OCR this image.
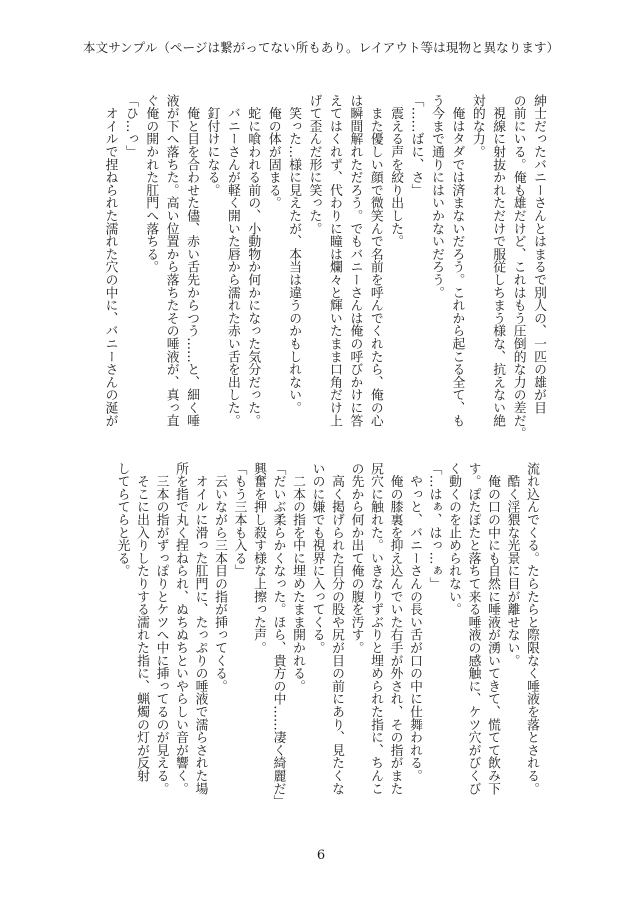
本文サンプル（ページは繋がってない所もあり。レイアウト等は現物と異なります）
紳士だったバニーさんとはまるで別人の、一匹の雄が目
の前にいる。俺も雄だけど、これはもう圧倒的な力の差だ。
　視線に射抜かれただけで服従しちまう様な、抗えない絶
対的な力。
　俺はタダでは済まないだろう。これから起こる全て、も
う今まで通りにはいかないだろう。
「……ばに、さ」
　震える声を絞り出した。
　また優しい顔で微笑んで名前を呼んでくれたら、俺の心
は瞬間解れただろう。でもバニーさんは俺の呼びかけに答
えてはくれず、代わりに瞳は爛々と輝いたまま口角だけ上
げて歪んだ形に笑った。
　笑った…様に見えたが、本当は違うのかもしれない。
　俺の体が固まる。
　蛇に喰われる前の、小動物か何かになった気分だった。
　バニーさんが軽く開いた唇から濡れた赤い舌を出した。
　釘付けになる。
　俺と目を合わせた儘、赤い舌先からつう……と、細く唾
液が下へ落ちた。高い位置から落ちたその唾液が、真っ直
ぐ俺の開かれた肛門へ落ちる。
「ひ…っ」
　オイルで捏ねられた濡れた穴の中に、バニーさんの涎が
流れ込んでくる。たらたらと際限なく唾液を落とされる。
　酷く淫猥な光景に目が離せない。
　俺の口の中にも自然に唾液が湧いてきて、慌てて飲み下
す。ぽたぽたと落ちて来る唾液の感触に、ケツ穴がびくび
く動くのを止められない。
「…はぁ、はっ…ぁ」
　やっと、バニーさんの長い舌が口の中に仕舞われる。
　俺の膝裏を抑え込んでいた右手が外され、その指がまた
尻穴に触れた。いきなりずぶりと埋められた指に、ちんこ
の先から何か出て俺の腹を汚す。
　高く掲げられた自分の股や尻が目の前にあり、見たくな
いのに嫌でも視界に入ってくる。
　二本の指を中に埋めたまま開かれる。
「だいぶ柔らかくなった。ほら、貴方の中……凄く綺麗だ」
興奮を押し殺す様な上擦った声。
「もう三本も入る」
　云いながら三本目の指が挿ってくる。
　オイルに滑った肛門に、たっぷりの唾液で濡らされた場
所を指で丸く捏ねられ、ぬちぬちといやらしい音が響く。
　三本の指がずっぽりとケツへ中に挿ってるのが見える。
　そこに出入りしたりする濡れた指に、蝋燭の灯が反射
してらてらと光る。
6
